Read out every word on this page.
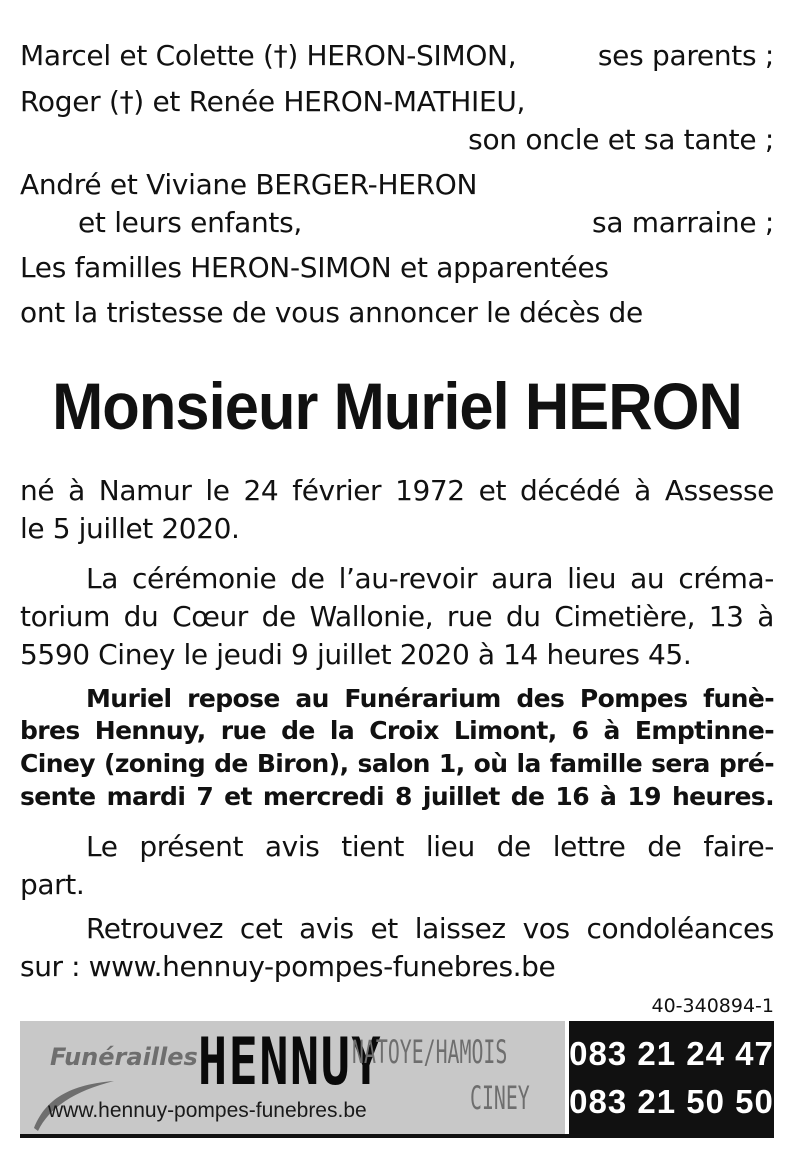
Marcel et Colette (†) HERON-SIMON,	ses parents ;
Roger (†) et Renée HERON-MATHIEU,
son oncle et sa tante ;
André et Viviane BERGER-HERON
et leurs enfants,	sa marraine ;
Les familles HERON-SIMON et apparentées
ont la tristesse de vous annoncer le décès de
Monsieur Muriel HERON
né à Namur le 24 février 1972 et décédé à Assesse
le 5 juillet 2020.
La cérémonie de l’au-revoir aura lieu au créma-
torium du Cœur de Wallonie, rue du Cimetière, 13 à
5590 Ciney le jeudi 9 juillet 2020 à 14 heures 45.
Muriel repose au Funérarium des Pompes funè-
bres Hennuy, rue de la Croix Limont, 6 à Emptinne-
Ciney (zoning de Biron), salon 1, où la famille sera pré-
sente mardi 7 et mercredi 8 juillet de 16 à 19 heures.
Le présent avis tient lieu de lettre de faire-
part.
Retrouvez cet avis et laissez vos condoléances
sur : www.hennuy-pompes-funebres.be
40-340894-1
Funérailles HENNUY
NATOYE/HAMOIS
CINEY
www.hennuy-pompes-funebres.be
083 21 24 47
083 21 50 50
